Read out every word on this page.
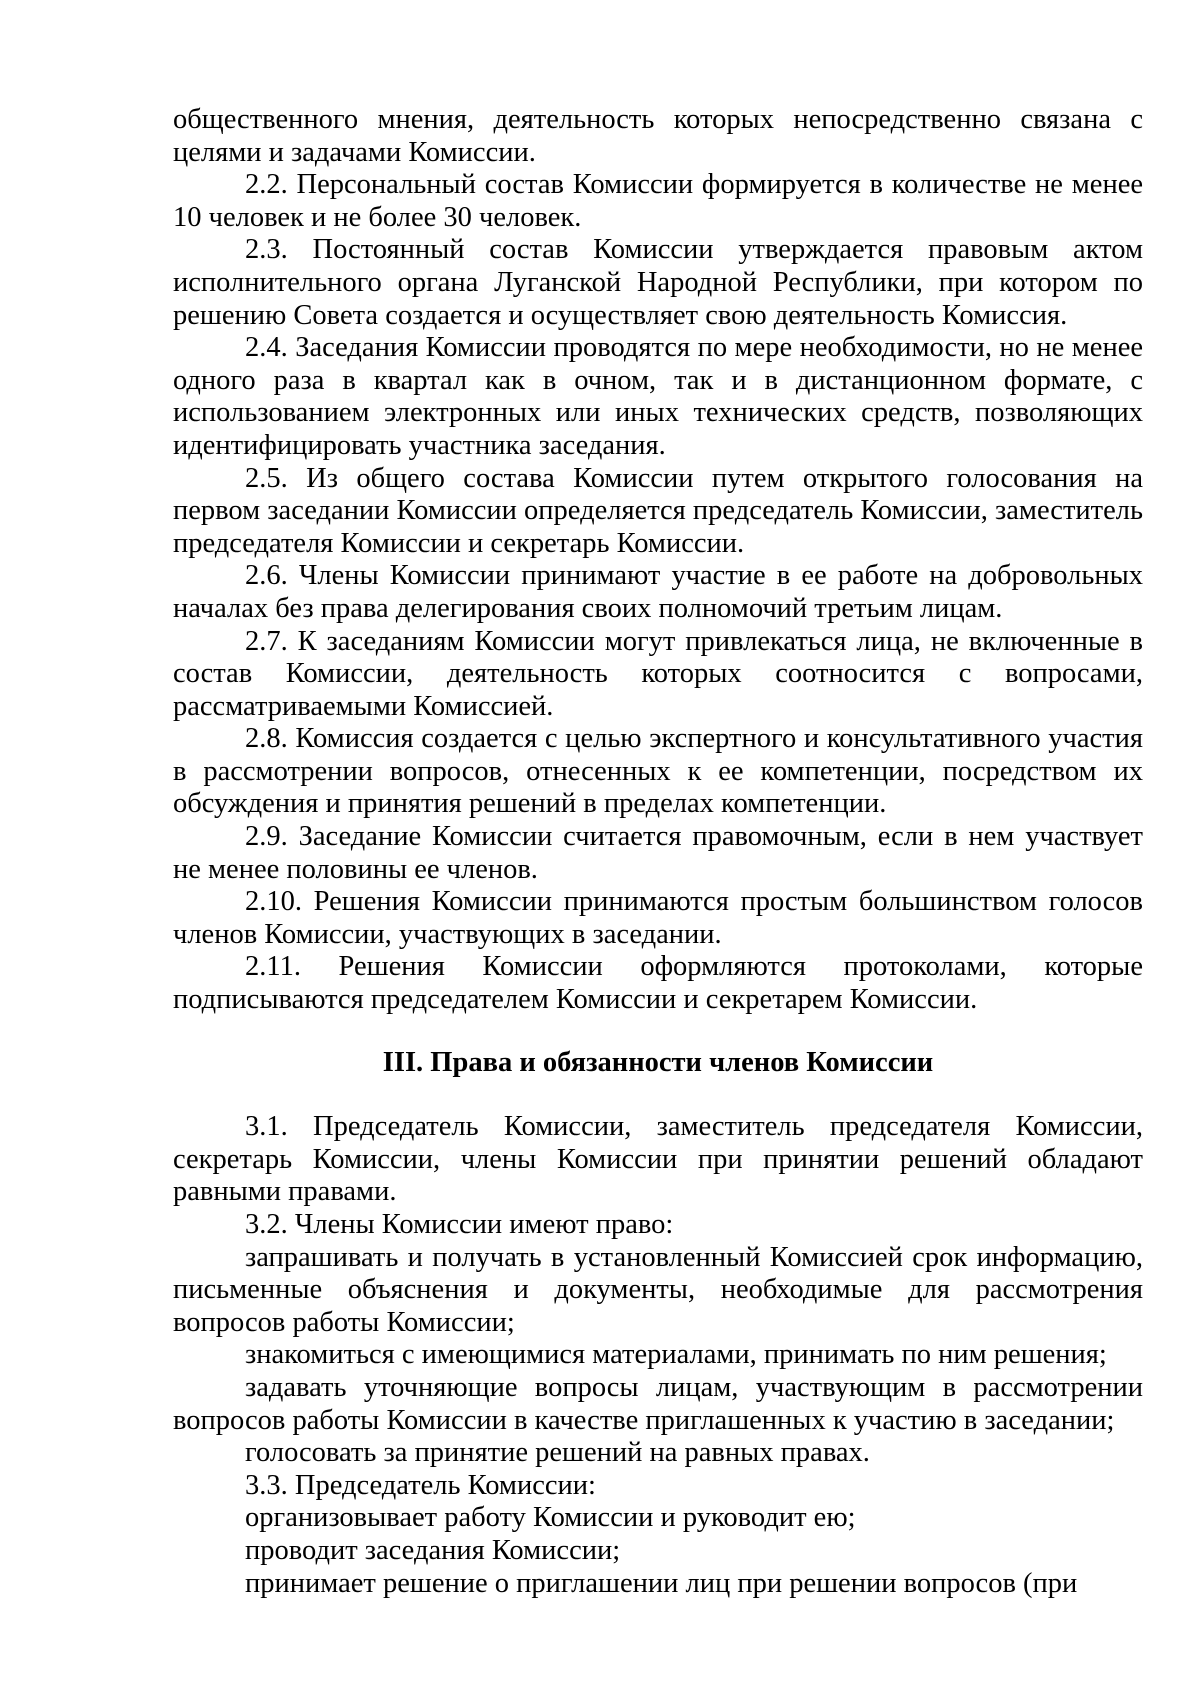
общественного мнения, деятельность которых непосредственно связана с целями и задачами Комиссии.

2.2. Персональный состав Комиссии формируется в количестве не менее 10 человек и не более 30 человек.

2.3. Постоянный состав Комиссии утверждается правовым актом исполнительного органа Луганской Народной Республики, при котором по решению Совета создается и осуществляет свою деятельность Комиссия.

2.4. Заседания Комиссии проводятся по мере необходимости, но не менее одного раза в квартал как в очном, так и в дистанционном формате, с использованием электронных или иных технических средств, позволяющих идентифицировать участника заседания.

2.5. Из общего состава Комиссии путем открытого голосования на первом заседании Комиссии определяется председатель Комиссии, заместитель председателя Комиссии и секретарь Комиссии.

2.6. Члены Комиссии принимают участие в ее работе на добровольных началах без права делегирования своих полномочий третьим лицам.

2.7. К заседаниям Комиссии могут привлекаться лица, не включенные в состав Комиссии, деятельность которых соотносится с вопросами, рассматриваемыми Комиссией.

2.8. Комиссия создается с целью экспертного и консультативного участия в рассмотрении вопросов, отнесенных к ее компетенции, посредством их обсуждения и принятия решений в пределах компетенции.

2.9. Заседание Комиссии считается правомочным, если в нем участвует не менее половины ее членов.

2.10. Решения Комиссии принимаются простым большинством голосов членов Комиссии, участвующих в заседании.

2.11. Решения Комиссии оформляются протоколами, которые подписываются председателем Комиссии и секретарем Комиссии.

III. Права и обязанности членов Комиссии

3.1. Председатель Комиссии, заместитель председателя Комиссии, секретарь Комиссии, члены Комиссии при принятии решений обладают равными правами.

3.2. Члены Комиссии имеют право:

запрашивать и получать в установленный Комиссией срок информацию, письменные объяснения и документы, необходимые для рассмотрения вопросов работы Комиссии;

знакомиться с имеющимися материалами, принимать по ним решения;

задавать уточняющие вопросы лицам, участвующим в рассмотрении вопросов работы Комиссии в качестве приглашенных к участию в заседании;

голосовать за принятие решений на равных правах.

3.3. Председатель Комиссии:

организовывает работу Комиссии и руководит ею;

проводит заседания Комиссии;

принимает решение о приглашении лиц при решении вопросов (при
